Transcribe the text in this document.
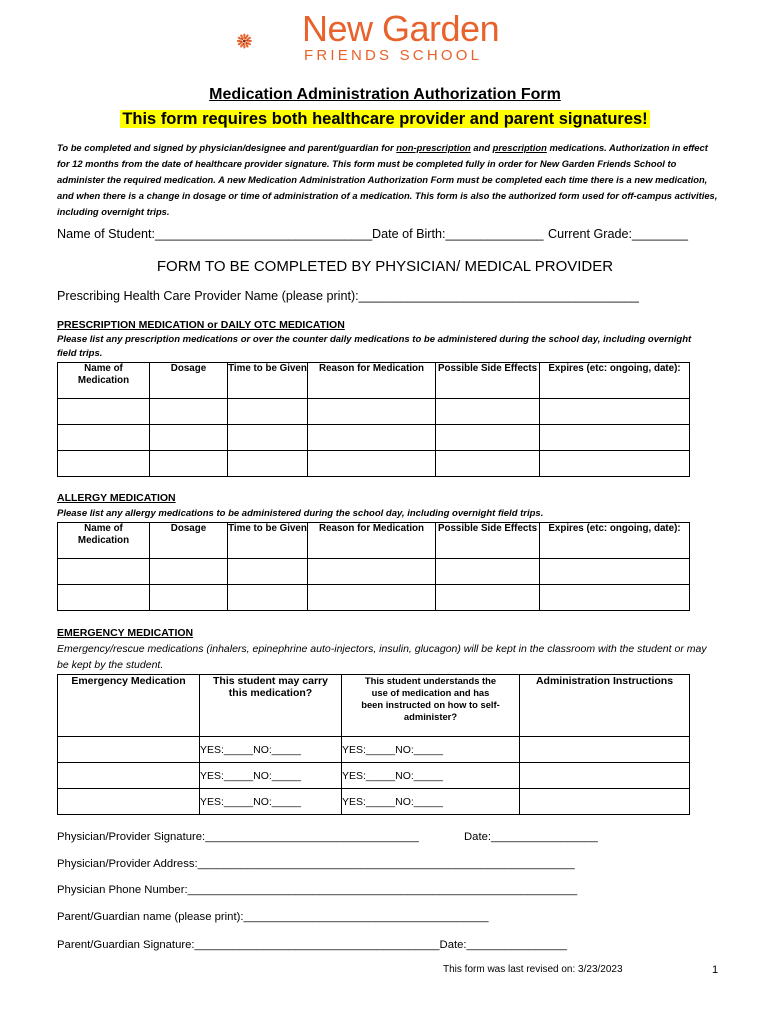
New Garden
FRIENDS SCHOOL
Medication Administration Authorization Form
This form requires both healthcare provider and parent signatures!
To be completed and signed by physician/designee and parent/guardian for non-prescription and prescription medications. Authorization in effect for 12 months from the date of healthcare provider signature. This form must be completed fully in order for New Garden Friends School to administer the required medication. A new Medication Administration Authorization Form must be completed each time there is a new medication, and when there is a change in dosage or time of administration of a medication. This form is also the authorized form used for off-campus activities, including overnight trips.
Name of Student:_______________________________ Date of Birth:______________ Current Grade:________
FORM TO BE COMPLETED BY PHYSICIAN/ MEDICAL PROVIDER
Prescribing Health Care Provider Name (please print):________________________________________
PRESCRIPTION MEDICATION or DAILY OTC MEDICATION
Please list any prescription medications or over the counter daily medications to be administered during the school day, including overnight field trips.
Name of Medication	Dosage	Time to be Given	Reason for Medication	Possible Side Effects	Expires (etc: ongoing, date):

ALLERGY MEDICATION
Please list any allergy medications to be administered during the school day, including overnight field trips.
Name of Medication	Dosage	Time to be Given	Reason for Medication	Possible Side Effects	Expires (etc: ongoing, date):

EMERGENCY MEDICATION
Emergency/rescue medications (inhalers, epinephrine auto-injectors, insulin, glucagon) will be kept in the classroom with the student or may be kept by the student.
Emergency Medication	This student may carry this medication?	This student understands the use of medication and has been instructed on how to self-administer?	Administration Instructions
	YES:_____NO:_____	YES:_____NO:_____	
	YES:_____NO:_____	YES:_____NO:_____	
	YES:_____NO:_____	YES:_____NO:_____	
Physician/Provider Signature:__________________________________	Date:_________________
Physician/Provider Address:____________________________________________________________
Physician Phone Number:______________________________________________________________
Parent/Guardian name (please print):_______________________________________
Parent/Guardian Signature:_______________________________________Date:________________
This form was last revised on: 3/23/2023	1
